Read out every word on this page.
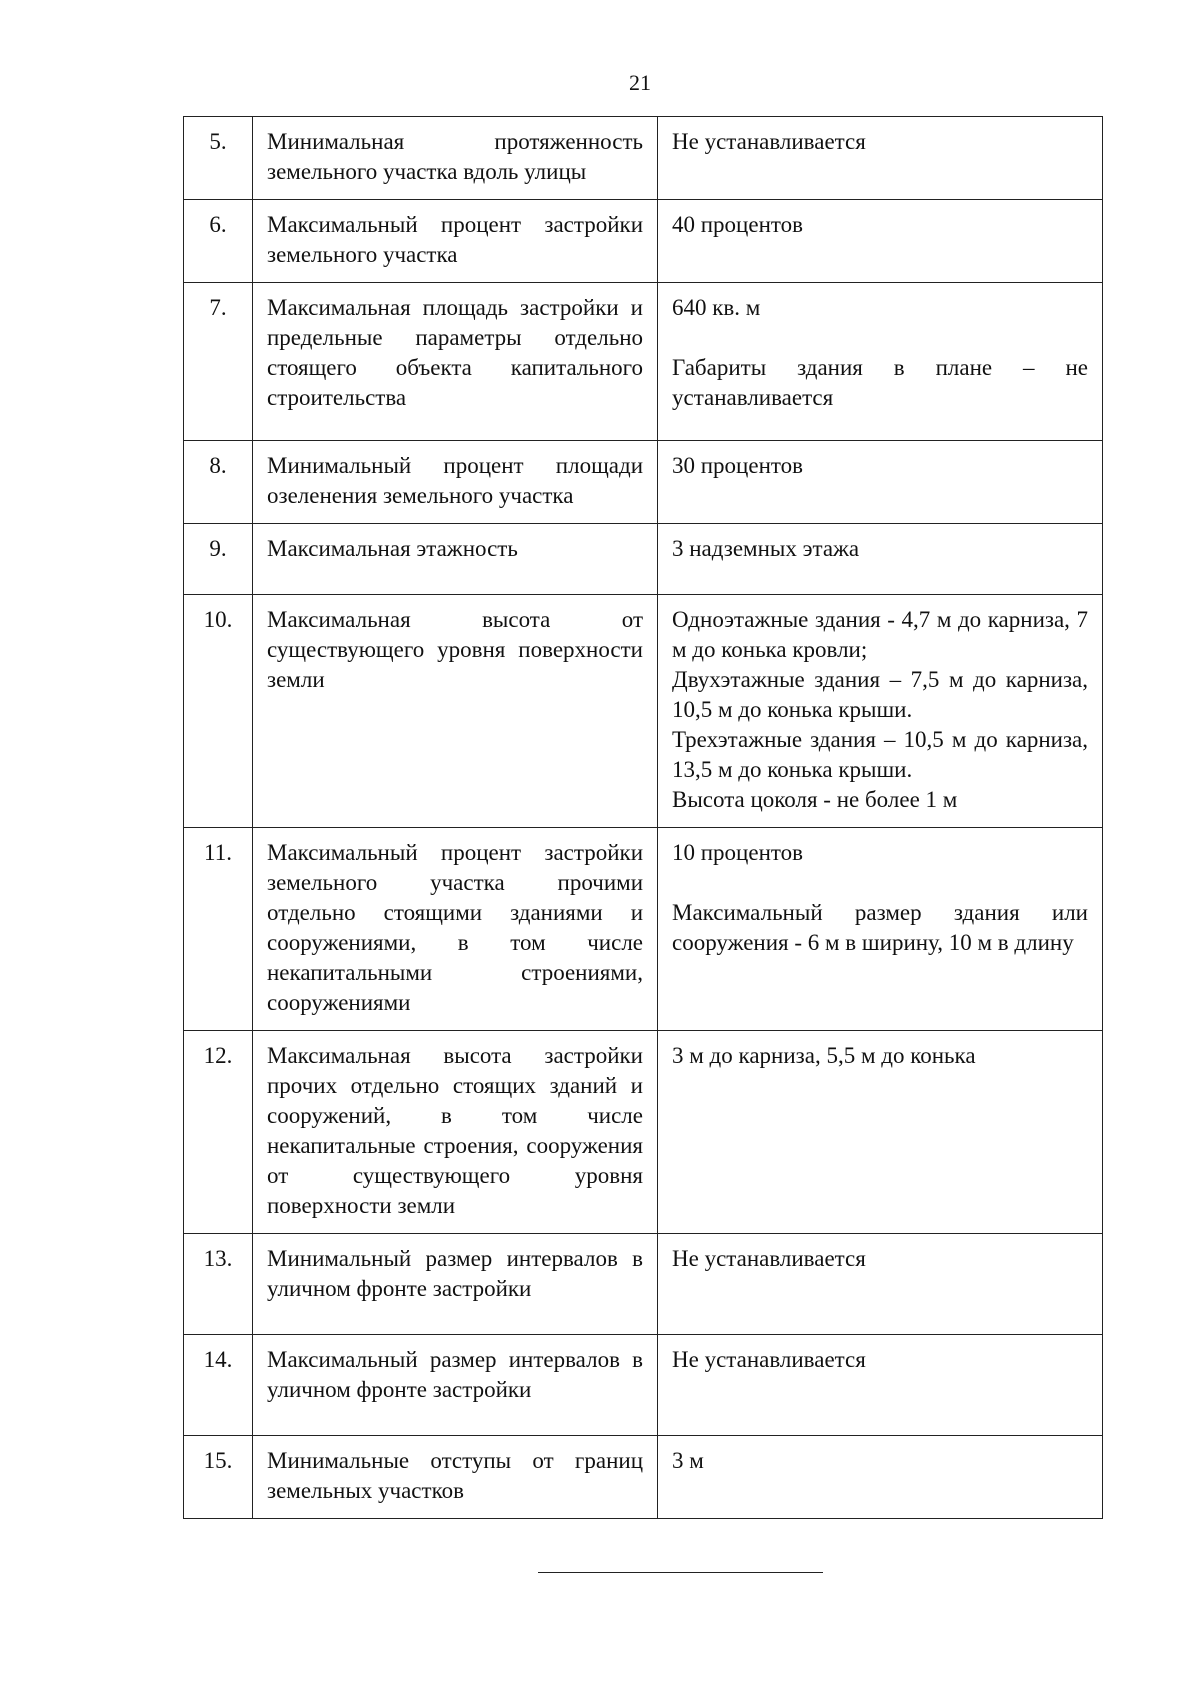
21
5.	Минимальная протяженность земельного участка вдоль улицы	Не устанавливается

6.	Максимальный процент застройки земельного участка	40 процентов

7.	Максимальная площадь застройки и предельные параметры отдельно стоящего объекта капитального строительства	640 кв. м
Габариты здания в плане – не устанавливается

8.	Минимальный процент площади озеленения земельного участка	30 процентов

9.	Максимальная этажность	3 надземных этажа

10.	Максимальная высота от существующего уровня поверхности земли	Одноэтажные здания - 4,7 м до карниза, 7 м до конька кровли;
Двухэтажные здания – 7,5 м до карниза, 10,5 м до конька крыши.
Трехэтажные здания – 10,5 м до карниза, 13,5 м до конька крыши.
Высота цоколя - не более 1 м

11.	Максимальный процент застройки земельного участка прочими отдельно стоящими зданиями и сооружениями, в том числе некапитальными строениями, сооружениями	10 процентов
Максимальный размер здания или сооружения - 6 м в ширину, 10 м в длину

12.	Максимальная высота застройки прочих отдельно стоящих зданий и сооружений, в том числе некапитальные строения, сооружения от существующего уровня поверхности земли	3 м до карниза, 5,5 м до конька

13.	Минимальный размер интервалов в уличном фронте застройки	Не устанавливается

14.	Максимальный размер интервалов в уличном фронте застройки	Не устанавливается

15.	Минимальные отступы от границ земельных участков	3 м
